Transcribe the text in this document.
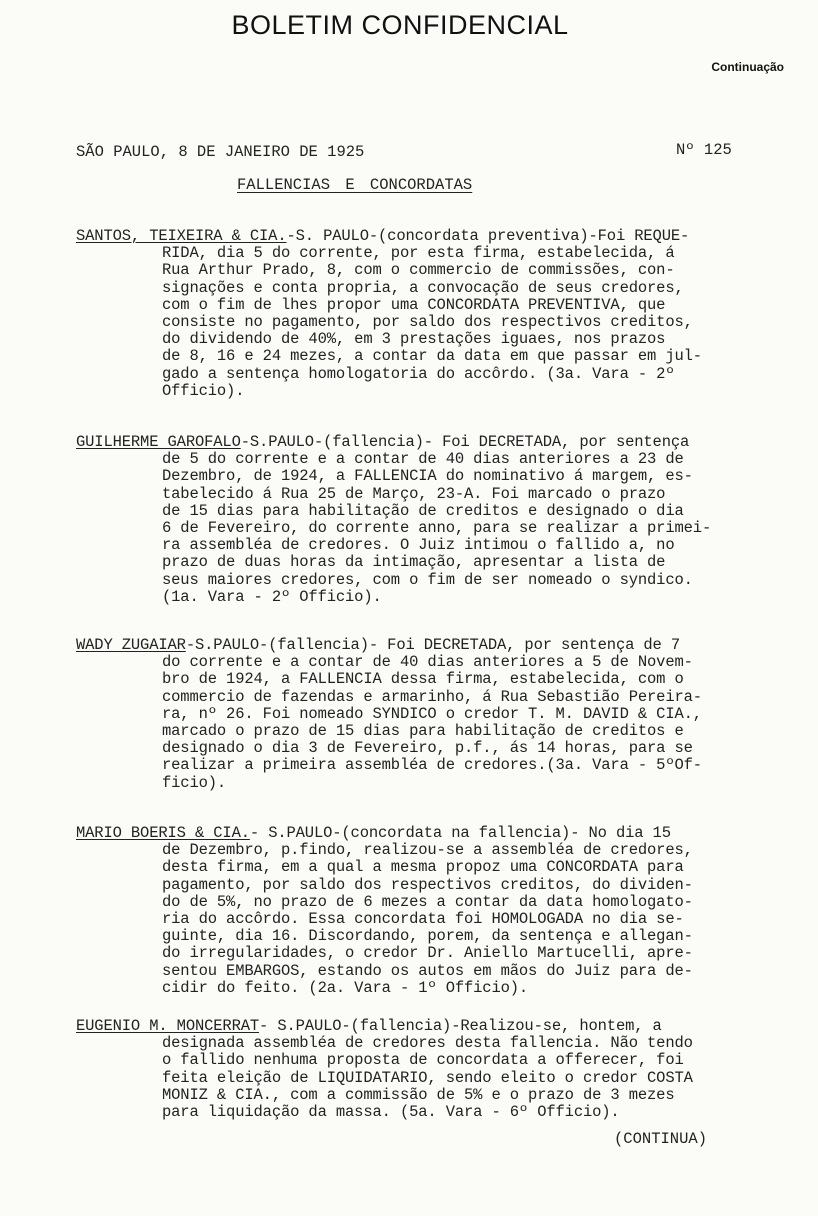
BOLETIM CONFIDENCIAL
Continuação
SÃO PAULO, 8 DE JANEIRO DE 1925	Nº 125
FALLENCIAS E CONCORDATAS
SANTOS, TEIXEIRA & CIA.-S. PAULO-(concordata preventiva)-Foi REQUE-
RIDA, dia 5 do corrente, por esta firma, estabelecida, á
Rua Arthur Prado, 8, com o commercio de commissões, con-
signações e conta propria, a convocação de seus credores,
com o fim de lhes propor uma CONCORDATA PREVENTIVA, que
consiste no pagamento, por saldo dos respectivos creditos,
do dividendo de 40%, em 3 prestações iguaes, nos prazos
de 8, 16 e 24 mezes, a contar da data em que passar em jul-
gado a sentença homologatoria do accôrdo. (3a. Vara - 2º
Officio).
GUILHERME GAROFALO-S.PAULO-(fallencia)- Foi DECRETADA, por sentença
de 5 do corrente e a contar de 40 dias anteriores a 23 de
Dezembro, de 1924, a FALLENCIA do nominativo á margem, es-
tabelecido á Rua 25 de Março, 23-A. Foi marcado o prazo
de 15 dias para habilitação de creditos e designado o dia
6 de Fevereiro, do corrente anno, para se realizar a primei-
ra assembléa de credores. O Juiz intimou o fallido a, no
prazo de duas horas da intimação, apresentar a lista de
seus maiores credores, com o fim de ser nomeado o syndico.
(1a. Vara - 2º Officio).
WADY ZUGAIAR-S.PAULO-(fallencia)- Foi DECRETADA, por sentença de 7
do corrente e a contar de 40 dias anteriores a 5 de Novem-
bro de 1924, a FALLENCIA dessa firma, estabelecida, com o
commercio de fazendas e armarinho, á Rua Sebastião Pereira-
ra, nº 26. Foi nomeado SYNDICO o credor T. M. DAVID & CIA.,
marcado o prazo de 15 dias para habilitação de creditos e
designado o dia 3 de Fevereiro, p.f., ás 14 horas, para se
realizar a primeira assembléa de credores.(3a. Vara - 5ºOf-
ficio).
MARIO BOERIS & CIA.- S.PAULO-(concordata na fallencia)- No dia 15
de Dezembro, p.findo, realizou-se a assembléa de credores,
desta firma, em a qual a mesma propoz uma CONCORDATA para
pagamento, por saldo dos respectivos creditos, do dividen-
do de 5%, no prazo de 6 mezes a contar da data homologato-
ria do accôrdo. Essa concordata foi HOMOLOGADA no dia se-
guinte, dia 16. Discordando, porem, da sentença e allegan-
do irregularidades, o credor Dr. Aniello Martucelli, apre-
sentou EMBARGOS, estando os autos em mãos do Juiz para de-
cidir do feito. (2a. Vara - 1º Officio).
EUGENIO M. MONCERRAT- S.PAULO-(fallencia)-Realizou-se, hontem, a
designada assembléa de credores desta fallencia. Não tendo
o fallido nenhuma proposta de concordata a offerecer, foi
feita eleição de LIQUIDATARIO, sendo eleito o credor COSTA
MONIZ & CIA., com a commissão de 5% e o prazo de 3 mezes
para liquidação da massa. (5a. Vara - 6º Officio).
(CONTINUA)
